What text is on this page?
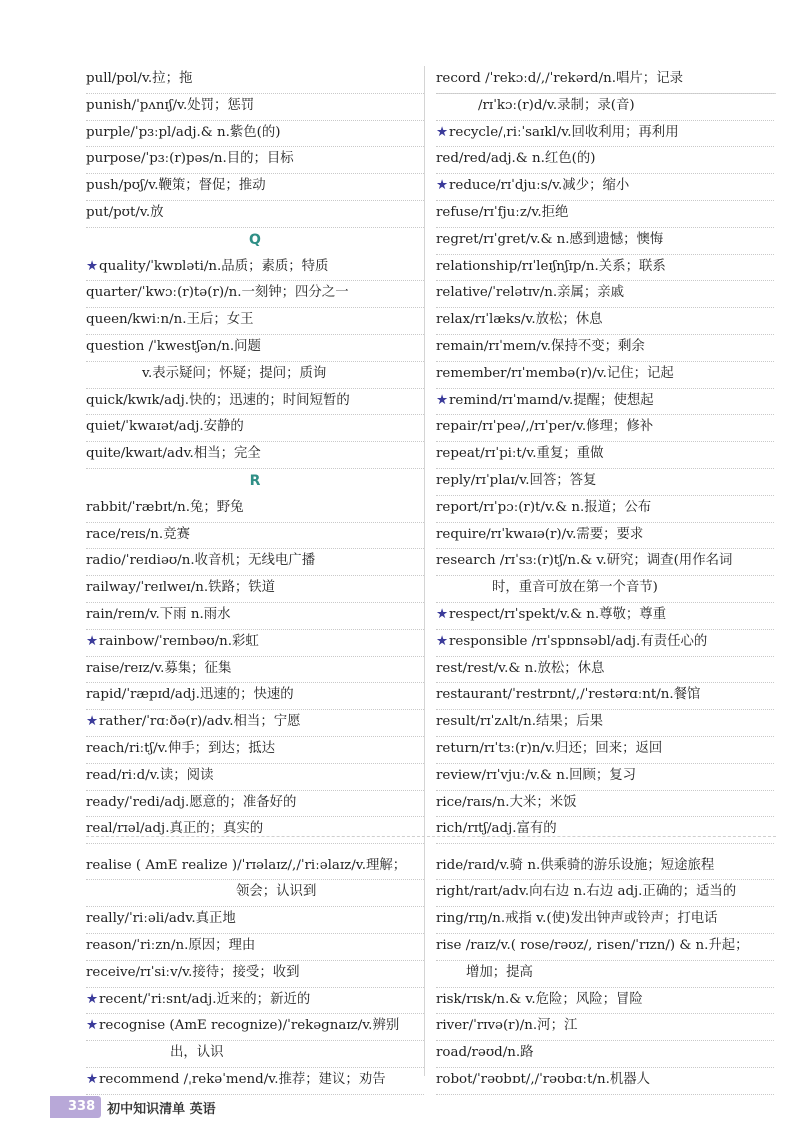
pull/pʊl/v.拉；拖
punish/ˈpʌnɪʃ/v.处罚；惩罚
purple/ˈpɜːpl/adj.& n.紫色(的)
purpose/ˈpɜː(r)pəs/n.目的；目标
push/pʊʃ/v.鞭策；督促；推动
put/pʊt/v.放
Q
★quality/ˈkwɒləti/n.品质；素质；特质
quarter/ˈkwɔː(r)tə(r)/n.一刻钟；四分之一
queen/kwiːn/n.王后；女王
question /ˈkwestʃən/n.问题
v.表示疑问；怀疑；提问；质询
quick/kwɪk/adj.快的；迅速的；时间短暂的
quiet/ˈkwaɪət/adj.安静的
quite/kwaɪt/adv.相当；完全
R
rabbit/ˈræbɪt/n.兔；野兔
race/reɪs/n.竞赛
radio/ˈreɪdiəʊ/n.收音机；无线电广播
railway/ˈreɪlweɪ/n.铁路；铁道
rain/reɪn/v.下雨 n.雨水
★rainbow/ˈreɪnbəʊ/n.彩虹
raise/reɪz/v.募集；征集
rapid/ˈræpɪd/adj.迅速的；快速的
★rather/ˈrɑːðə(r)/adv.相当；宁愿
reach/riːtʃ/v.伸手；到达；抵达
read/riːd/v.读；阅读
ready/ˈredi/adj.愿意的；准备好的
real/rɪəl/adj.真正的；真实的
realise ( AmE realize )/ˈrɪəlaɪz/,/ˈriːəlaɪz/v.理解；
领会；认识到
really/ˈriːəli/adv.真正地
reason/ˈriːzn/n.原因；理由
receive/rɪˈsiːv/v.接待；接受；收到
★recent/ˈriːsnt/adj.近来的；新近的
★recognise (AmE recognize)/ˈrekəgnaɪz/v.辨别
出，认识
★recommend /ˌrekəˈmend/v.推荐；建议；劝告
record /ˈrekɔːd/,/ˈrekərd/n.唱片；记录
/rɪˈkɔː(r)d/v.录制；录(音)
★recycle/ˌriːˈsaɪkl/v.回收利用；再利用
red/red/adj.& n.红色(的)
★reduce/rɪˈdjuːs/v.减少；缩小
refuse/rɪˈfjuːz/v.拒绝
regret/rɪˈgret/v.& n.感到遗憾；懊悔
relationship/rɪˈleɪʃnʃɪp/n.关系；联系
relative/ˈrelətɪv/n.亲属；亲戚
relax/rɪˈlæks/v.放松；休息
remain/rɪˈmeɪn/v.保持不变；剩余
remember/rɪˈmembə(r)/v.记住；记起
★remind/rɪˈmaɪnd/v.提醒；使想起
repair/rɪˈpeə/,/rɪˈper/v.修理；修补
repeat/rɪˈpiːt/v.重复；重做
reply/rɪˈplaɪ/v.回答；答复
report/rɪˈpɔː(r)t/v.& n.报道；公布
require/rɪˈkwaɪə(r)/v.需要；要求
research /rɪˈsɜː(r)tʃ/n.& v.研究；调查(用作名词
时，重音可放在第一个音节)
★respect/rɪˈspekt/v.& n.尊敬；尊重
★responsible /rɪˈspɒnsəbl/adj.有责任心的
rest/rest/v.& n.放松；休息
restaurant/ˈrestrɒnt/,/ˈrestərɑːnt/n.餐馆
result/rɪˈzʌlt/n.结果；后果
return/rɪˈtɜː(r)n/v.归还；回来；返回
review/rɪˈvjuː/v.& n.回顾；复习
rice/raɪs/n.大米；米饭
rich/rɪtʃ/adj.富有的
ride/raɪd/v.骑 n.供乘骑的游乐设施；短途旅程
right/raɪt/adv.向右边 n.右边 adj.正确的；适当的
ring/rɪŋ/n.戒指 v.(使)发出钟声或铃声；打电话
rise /raɪz/v.( rose/rəʊz/, risen/ˈrɪzn/) & n.升起；
增加；提高
risk/rɪsk/n.& v.危险；风险；冒险
river/ˈrɪvə(r)/n.河；江
road/rəʊd/n.路
robot/ˈrəʊbɒt/,/ˈrəʊbɑːt/n.机器人
338 初中知识清单 英语
